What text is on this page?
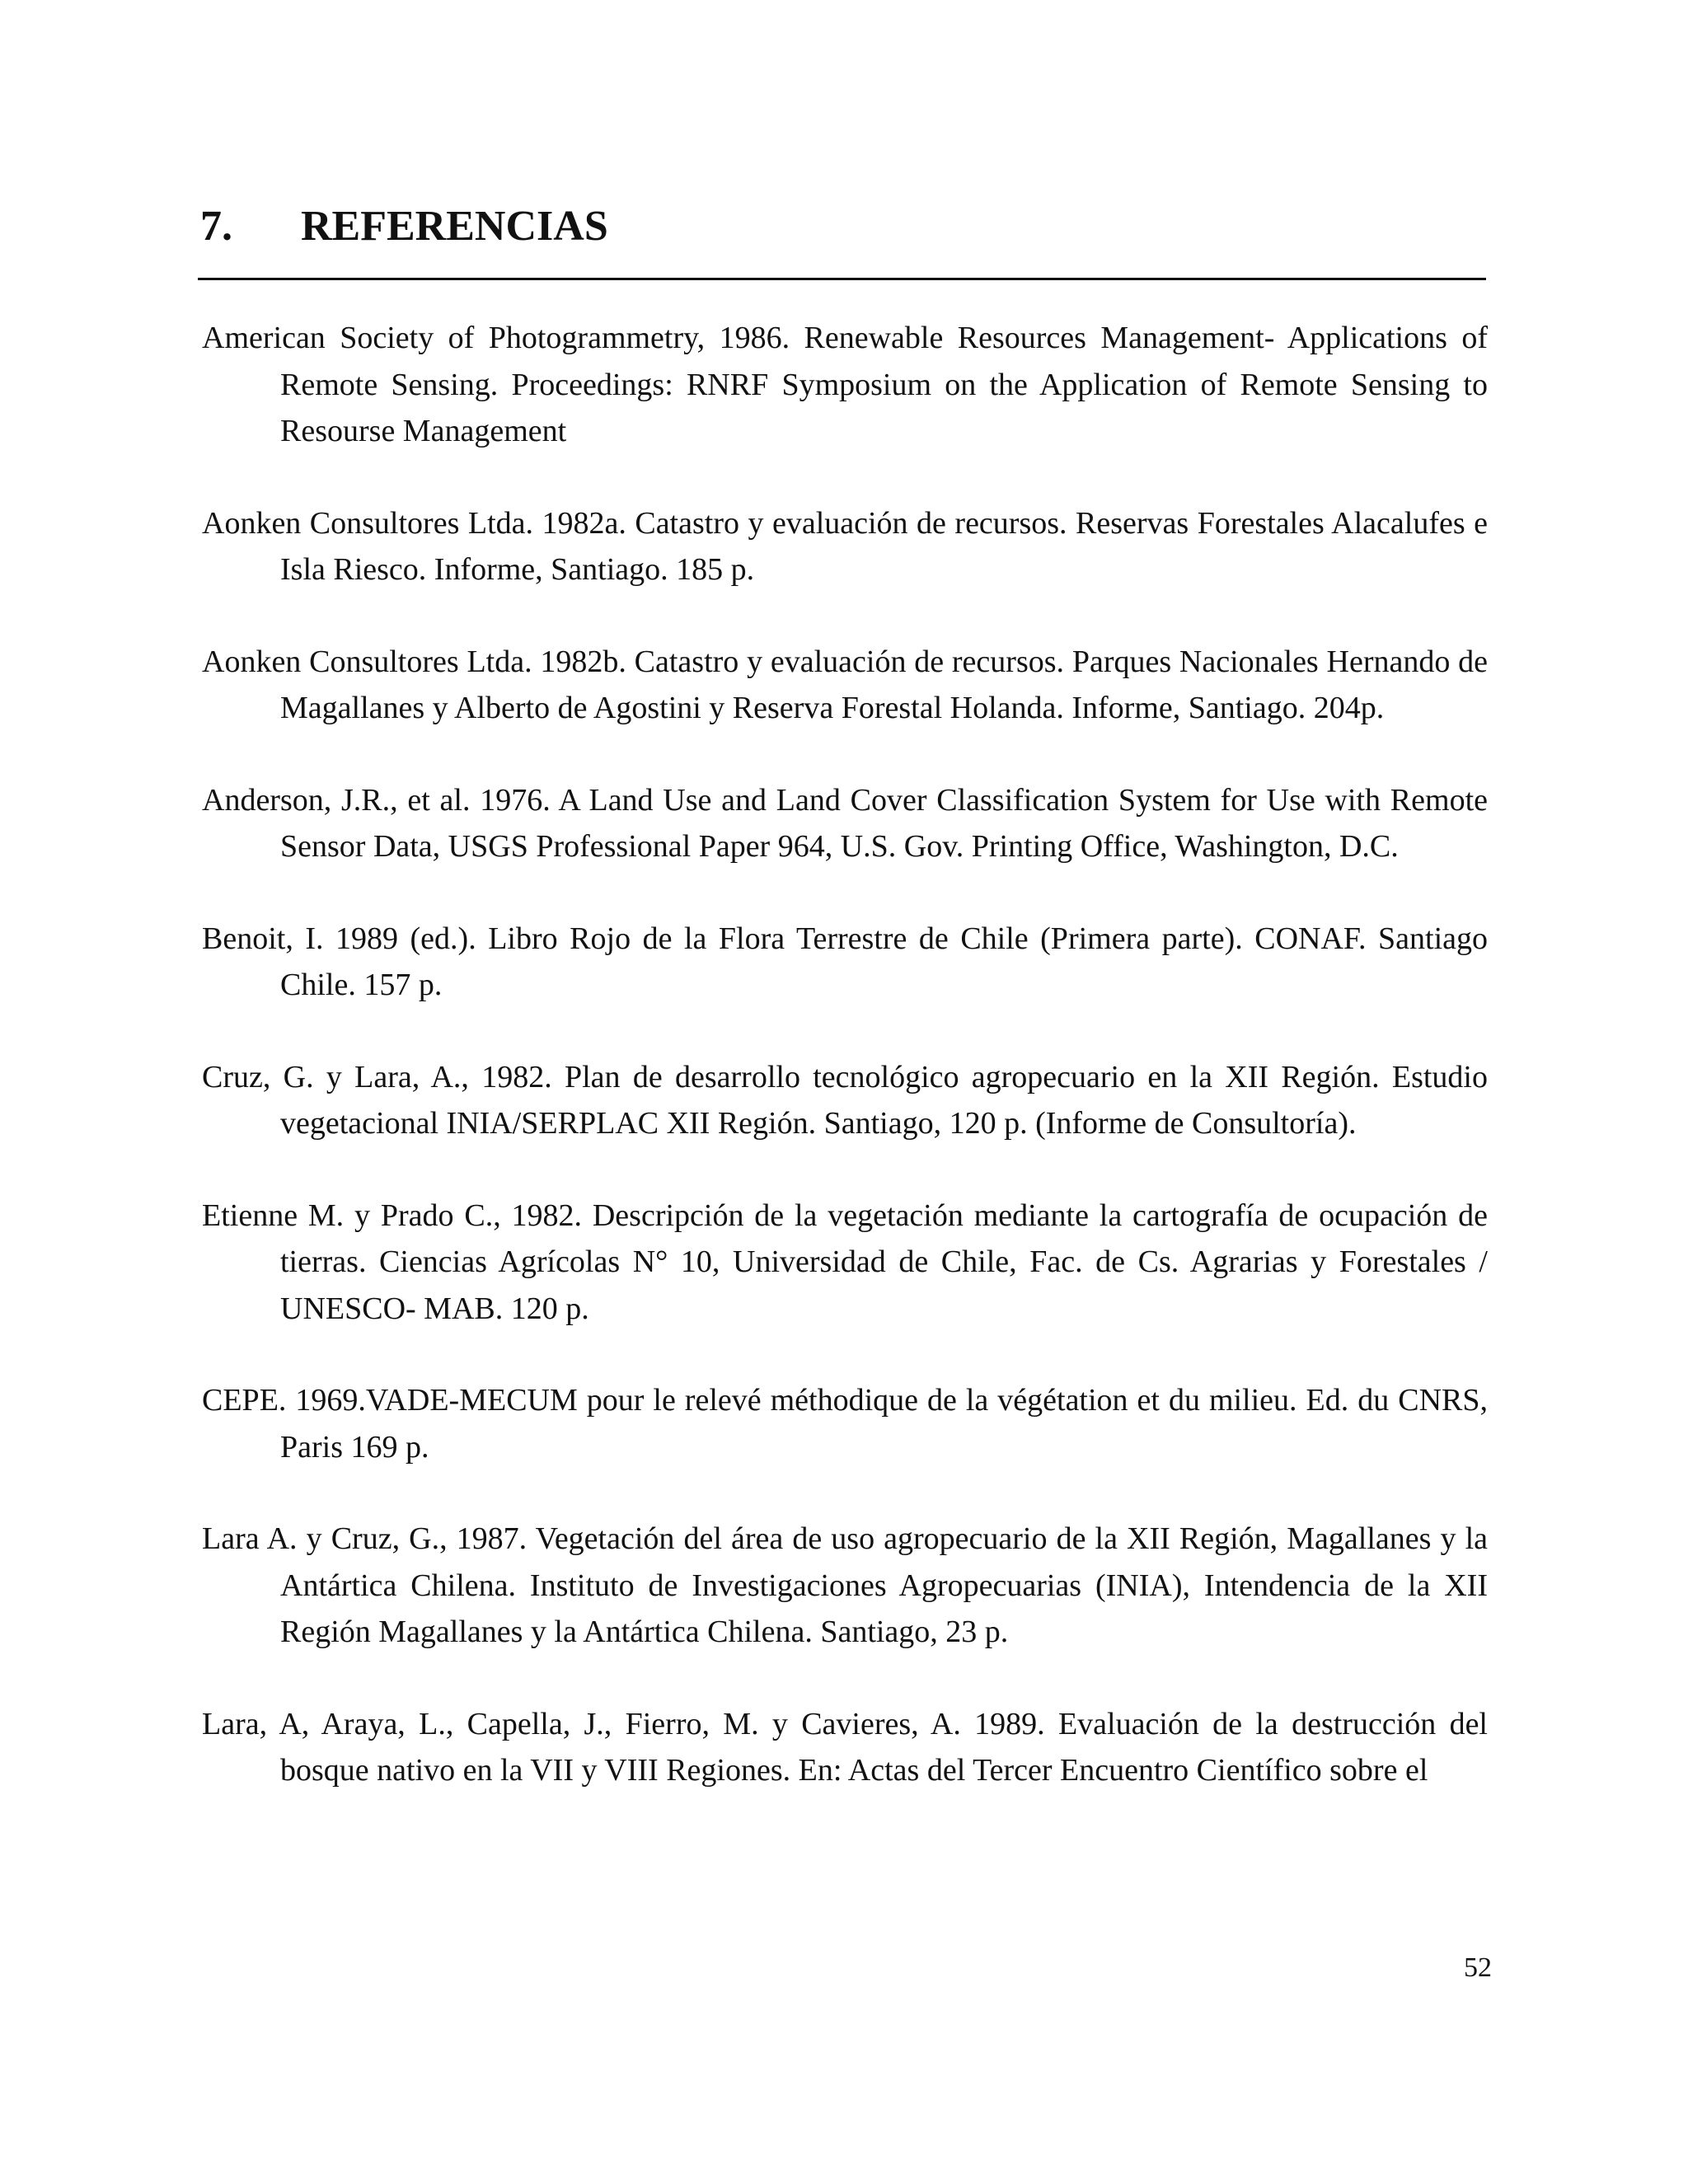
7. REFERENCIAS
American Society of Photogrammetry, 1986. Renewable Resources Management- Applications of Remote Sensing. Proceedings: RNRF Symposium on the Application of Remote Sensing to Resourse Management
Aonken Consultores Ltda. 1982a. Catastro y evaluación de recursos. Reservas Forestales Alacalufes e Isla Riesco. Informe, Santiago. 185 p.
Aonken Consultores Ltda. 1982b. Catastro y evaluación de recursos. Parques Nacionales Hernando de Magallanes y Alberto de Agostini y Reserva Forestal Holanda. Informe, Santiago. 204p.
Anderson, J.R., et al. 1976. A Land Use and Land Cover Classification System for Use with Remote Sensor Data, USGS Professional Paper 964, U.S. Gov. Printing Office, Washington, D.C.
Benoit, I. 1989 (ed.). Libro Rojo de la Flora Terrestre de Chile (Primera parte). CONAF. Santiago Chile. 157 p.
Cruz, G. y Lara, A., 1982. Plan de desarrollo tecnológico agropecuario en la XII Región. Estudio vegetacional INIA/SERPLAC XII Región. Santiago, 120 p. (Informe de Consultoría).
Etienne M. y Prado C., 1982. Descripción de la vegetación mediante la cartografía de ocupación de tierras. Ciencias Agrícolas N° 10, Universidad de Chile, Fac. de Cs. Agrarias y Forestales / UNESCO- MAB. 120 p.
CEPE. 1969.VADE-MECUM pour le relevé méthodique de la végétation et du milieu. Ed. du CNRS, Paris 169 p.
Lara A. y Cruz, G., 1987. Vegetación del área de uso agropecuario de la XII Región, Magallanes y la Antártica Chilena. Instituto de Investigaciones Agropecuarias (INIA), Intendencia de la XII Región Magallanes y la Antártica Chilena. Santiago, 23 p.
Lara, A, Araya, L., Capella, J., Fierro, M. y Cavieres, A. 1989. Evaluación de la destrucción del bosque nativo en la VII y VIII Regiones. En: Actas del Tercer Encuentro Científico sobre el
52
